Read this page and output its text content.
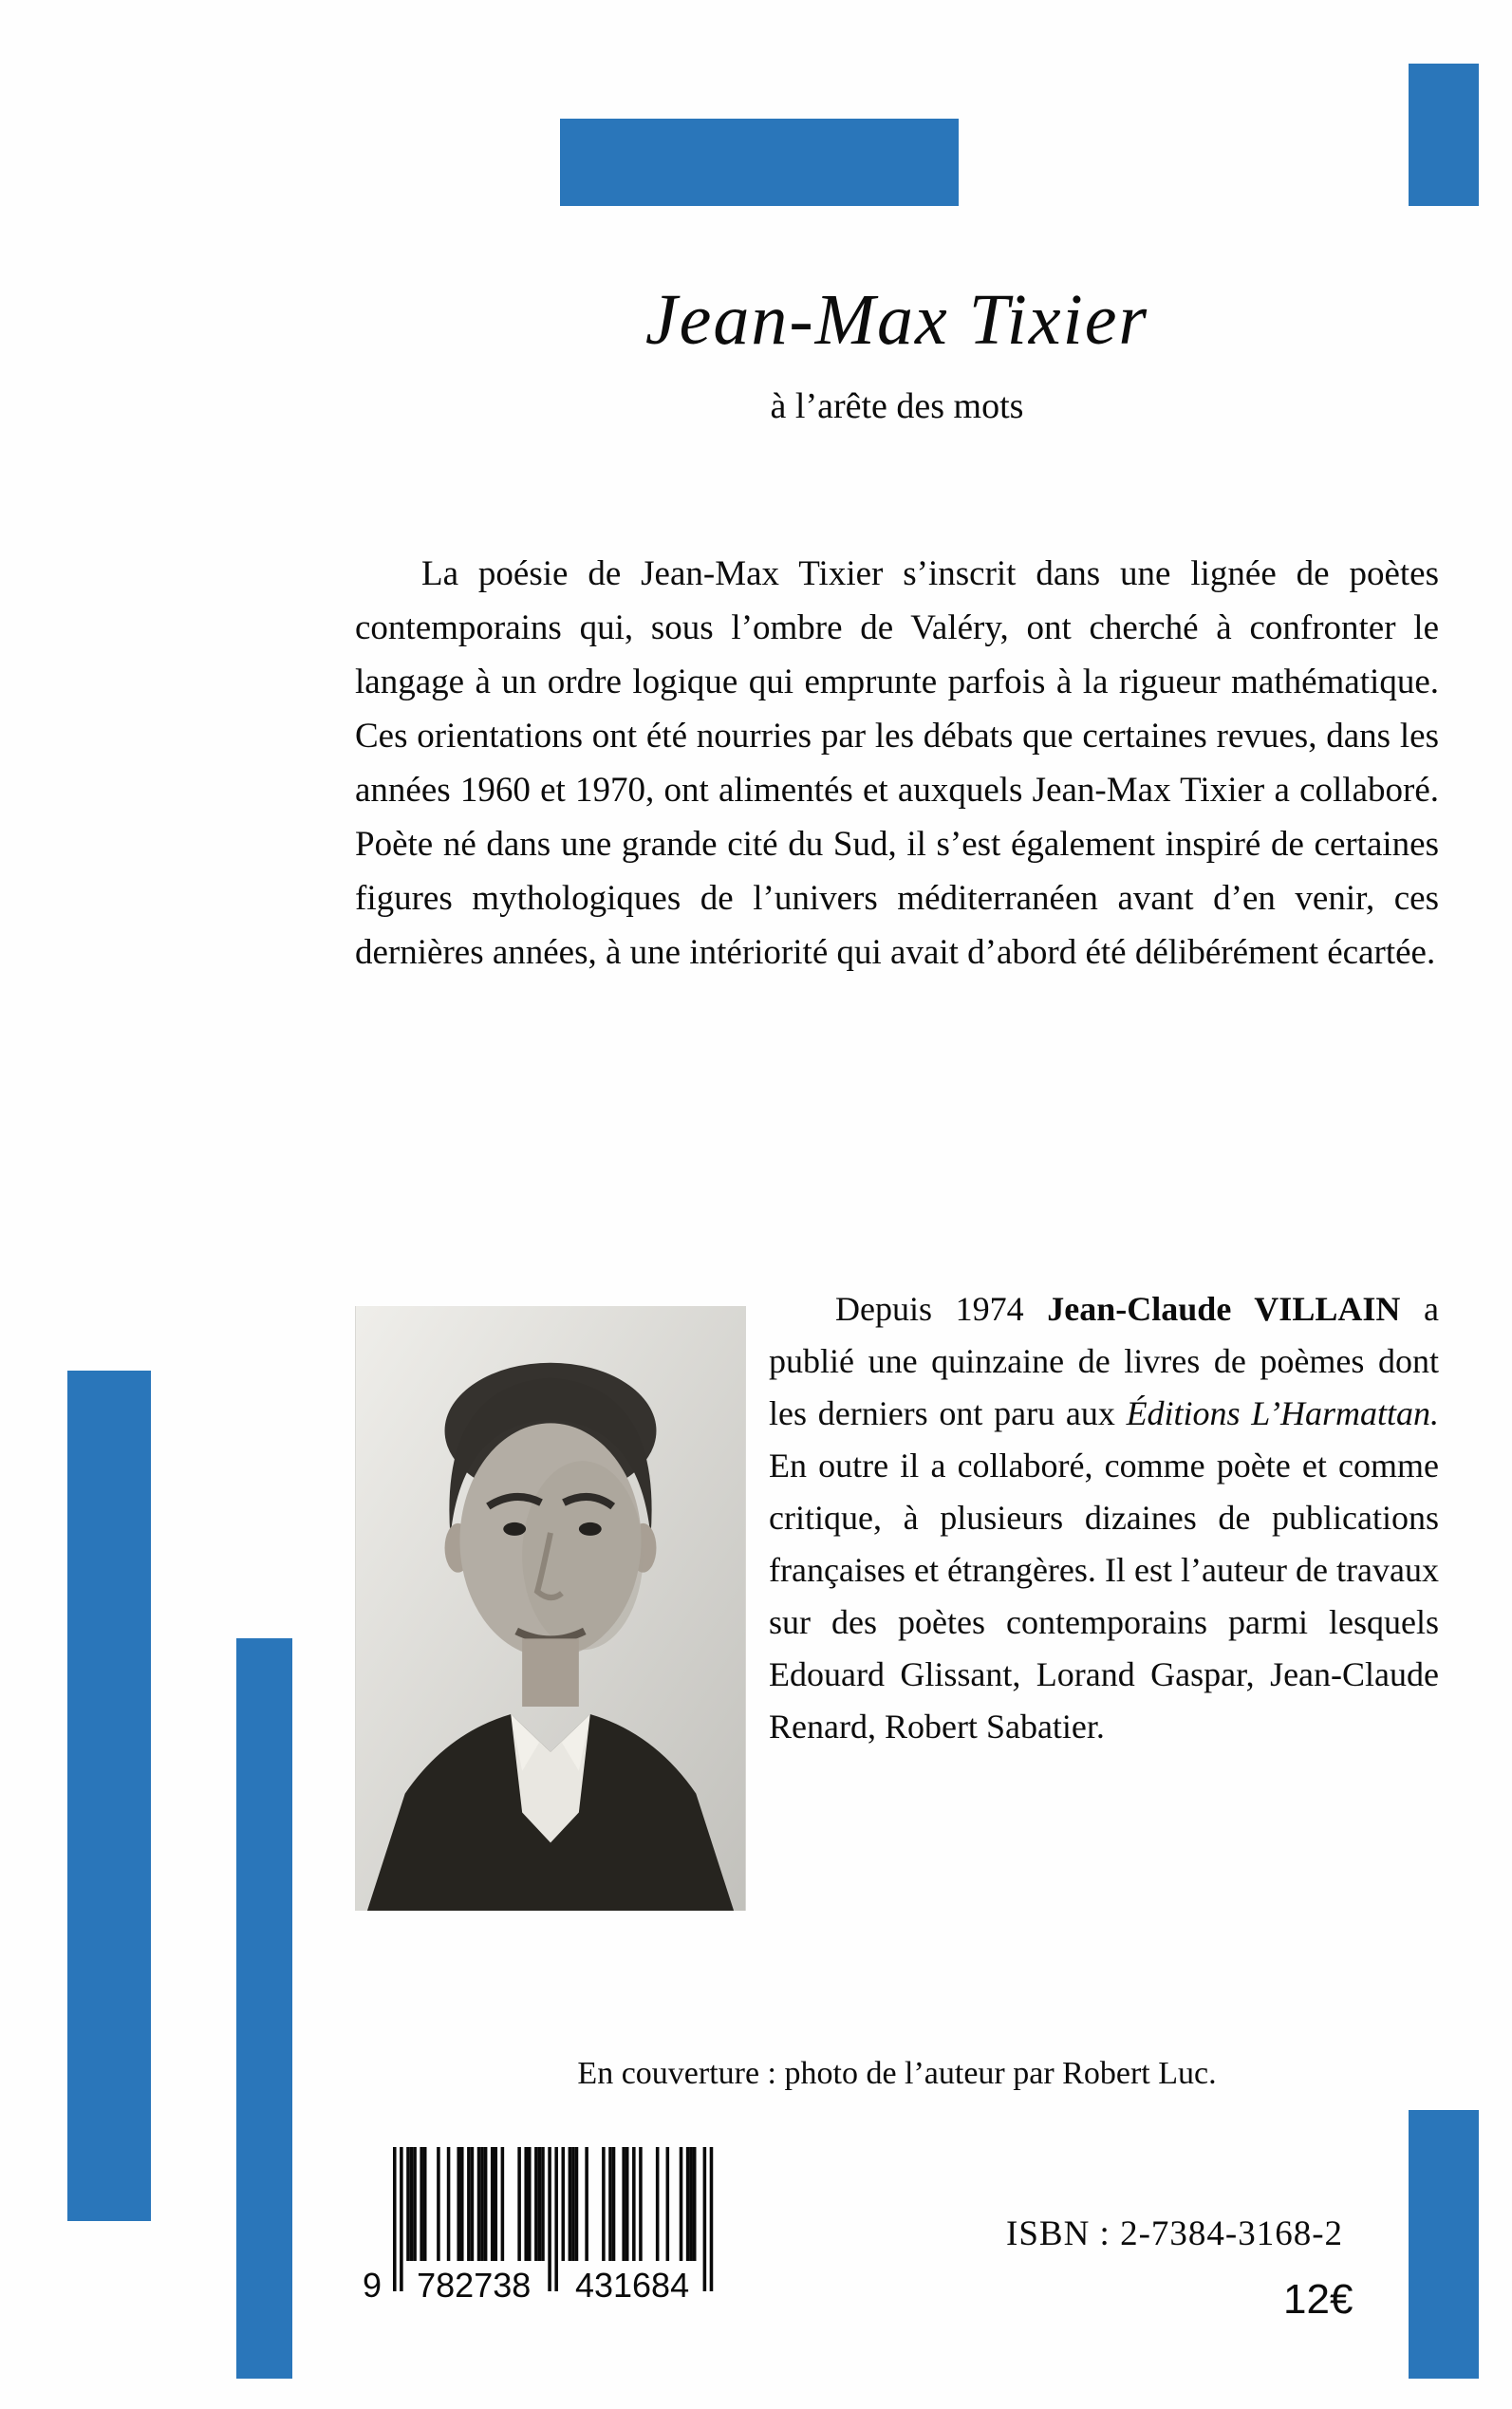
Jean-Max Tixier
à l’arête des mots

La poésie de Jean-Max Tixier s’inscrit dans une lignée de poètes contemporains qui, sous l’ombre de Valéry, ont cherché à confronter le langage à un ordre logique qui emprunte parfois à la rigueur mathématique. Ces orientations ont été nourries par les débats que certaines revues, dans les années 1960 et 1970, ont alimentés et auxquels Jean-Max Tixier a collaboré. Poète né dans une grande cité du Sud, il s’est également inspiré de certaines figures mythologiques de l’univers méditerranéen avant d’en venir, ces dernières années, à une intériorité qui avait d’abord été délibérément écartée.

Depuis 1974 Jean-Claude VILLAIN a publié une quinzaine de livres de poèmes dont les derniers ont paru aux Éditions L’Harmattan. En outre il a collaboré, comme poète et comme critique, à plusieurs dizaines de publications françaises et étrangères. Il est l’auteur de travaux sur des poètes contemporains parmi lesquels Edouard Glissant, Lorand Gaspar, Jean-Claude Renard, Robert Sabatier.

En couverture : photo de l’auteur par Robert Luc.
9 782738 431684
ISBN : 2-7384-3168-2
12€
